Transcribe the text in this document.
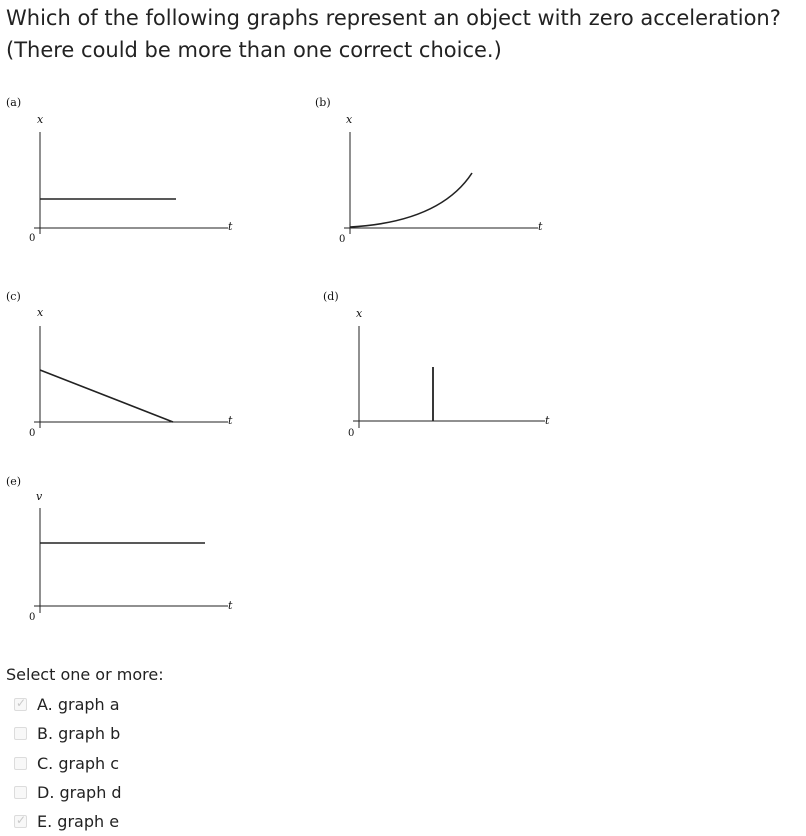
Which of the following graphs represent an object with zero acceleration?
(There could be more than one correct choice.)
(a)
x
t
0
(b)
x
t
0
(c)
x
t
0
(d)
x
t
0
(e)
v
t
0
Select one or more:
✓ A. graph a
B. graph b
C. graph c
D. graph d
✓ E. graph e
